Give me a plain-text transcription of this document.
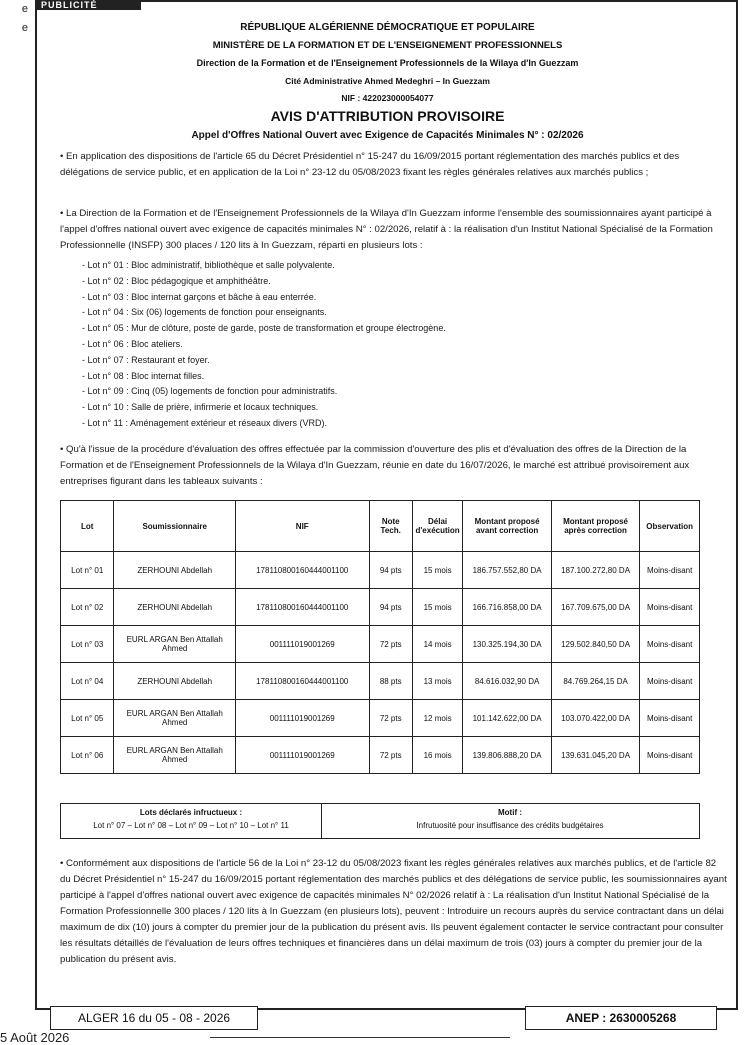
e
e
PUBLICITÉ
RÉPUBLIQUE ALGÉRIENNE DÉMOCRATIQUE ET POPULAIRE
MINISTÈRE DE LA FORMATION ET DE L'ENSEIGNEMENT PROFESSIONNELS
Direction de la Formation et de l'Enseignement Professionnels de la Wilaya d'In Guezzam
Cité Administrative Ahmed Medeghri – In Guezzam
NIF : 422023000054077
AVIS D'ATTRIBUTION PROVISOIRE
Appel d'Offres National Ouvert avec Exigence de Capacités Minimales N° : 02/2026
• En application des dispositions de l'article 65 du Décret Présidentiel n° 15-247 du 16/09/2015 portant réglementation des marchés publics et des délégations de service public, et en application de la Loi n° 23-12 du 05/08/2023 fixant les règles générales relatives aux marchés publics ;
• La Direction de la Formation et de l'Enseignement Professionnels de la Wilaya d'In Guezzam informe l'ensemble des soumissionnaires ayant participé à l'appel d'offres national ouvert avec exigence de capacités minimales N° : 02/2026, relatif à : la réalisation d'un Institut National Spécialisé de la Formation Professionnelle (INSFP) 300 places / 120 lits à In Guezzam, réparti en plusieurs lots :
- Lot n° 01 : Bloc administratif, bibliothèque et salle polyvalente.
- Lot n° 02 : Bloc pédagogique et amphithéâtre.
- Lot n° 03 : Bloc internat garçons et bâche à eau enterrée.
- Lot n° 04 : Six (06) logements de fonction pour enseignants.
- Lot n° 05 : Mur de clôture, poste de garde, poste de transformation et groupe électrogène.
- Lot n° 06 : Bloc ateliers.
- Lot n° 07 : Restaurant et foyer.
- Lot n° 08 : Bloc internat filles.
- Lot n° 09 : Cinq (05) logements de fonction pour administratifs.
- Lot n° 10 : Salle de prière, infirmerie et locaux techniques.
- Lot n° 11 : Aménagement extérieur et réseaux divers (VRD).
• Qu'à l'issue de la procédure d'évaluation des offres effectuée par la commission d'ouverture des plis et d'évaluation des offres de la Direction de la Formation et de l'Enseignement Professionnels de la Wilaya d'In Guezzam, réunie en date du 16/07/2026, le marché est attribué provisoirement aux entreprises figurant dans les tableaux suivants :
Lot	Soumissionnaire	NIF	Note Tech.	Délai d'exécution	Montant proposé avant correction	Montant proposé après correction	Observation
Lot n° 01	ZERHOUNI Abdellah	178110800160444001100	94 pts	15 mois	186.757.552,80 DA	187.100.272,80 DA	Moins-disant
Lot n° 02	ZERHOUNI Abdellah	178110800160444001100	94 pts	15 mois	166.716.858,00 DA	167.709.675,00 DA	Moins-disant
Lot n° 03	EURL ARGAN Ben Attallah Ahmed	001111019001269	72 pts	14 mois	130.325.194,30 DA	129.502.840,50 DA	Moins-disant
Lot n° 04	ZERHOUNI Abdellah	178110800160444001100	88 pts	13 mois	84.616.032,90 DA	84.769.264,15 DA	Moins-disant
Lot n° 05	EURL ARGAN Ben Attallah Ahmed	001111019001269	72 pts	12 mois	101.142.622,00 DA	103.070.422,00 DA	Moins-disant
Lot n° 06	EURL ARGAN Ben Attallah Ahmed	001111019001269	72 pts	16 mois	139.806.888,20 DA	139.631.045,20 DA	Moins-disant
Lots déclarés infructueux :
Lot n° 07 – Lot n° 08 – Lot n° 09 – Lot n° 10 – Lot n° 11
Motif :
Infrutuosité pour insuffisance des crédits budgétaires
• Conformément aux dispositions de l'article 56 de la Loi n° 23-12 du 05/08/2023 fixant les règles générales relatives aux marchés publics, et de l'article 82 du Décret Présidentiel n° 15-247 du 16/09/2015 portant réglementation des marchés publics et des délégations de service public, les soumissionnaires ayant participé à l'appel d'offres national ouvert avec exigence de capacités minimales N° 02/2026 relatif à : La réalisation d'un Institut National Spécialisé de la Formation Professionnelle 300 places / 120 lits à In Guezzam (en plusieurs lots), peuvent : Introduire un recours auprès du service contractant dans un délai maximum de dix (10) jours à compter du premier jour de la publication du présent avis. Ils peuvent également contacter le service contractant pour consulter les résultats détaillés de l'évaluation de leurs offres techniques et financières dans un délai maximum de trois (03) jours à compter du premier jour de la publication du présent avis.
ALGER 16 du 05 - 08 - 2026	ANEP : 2630005268
5 Août 2026
